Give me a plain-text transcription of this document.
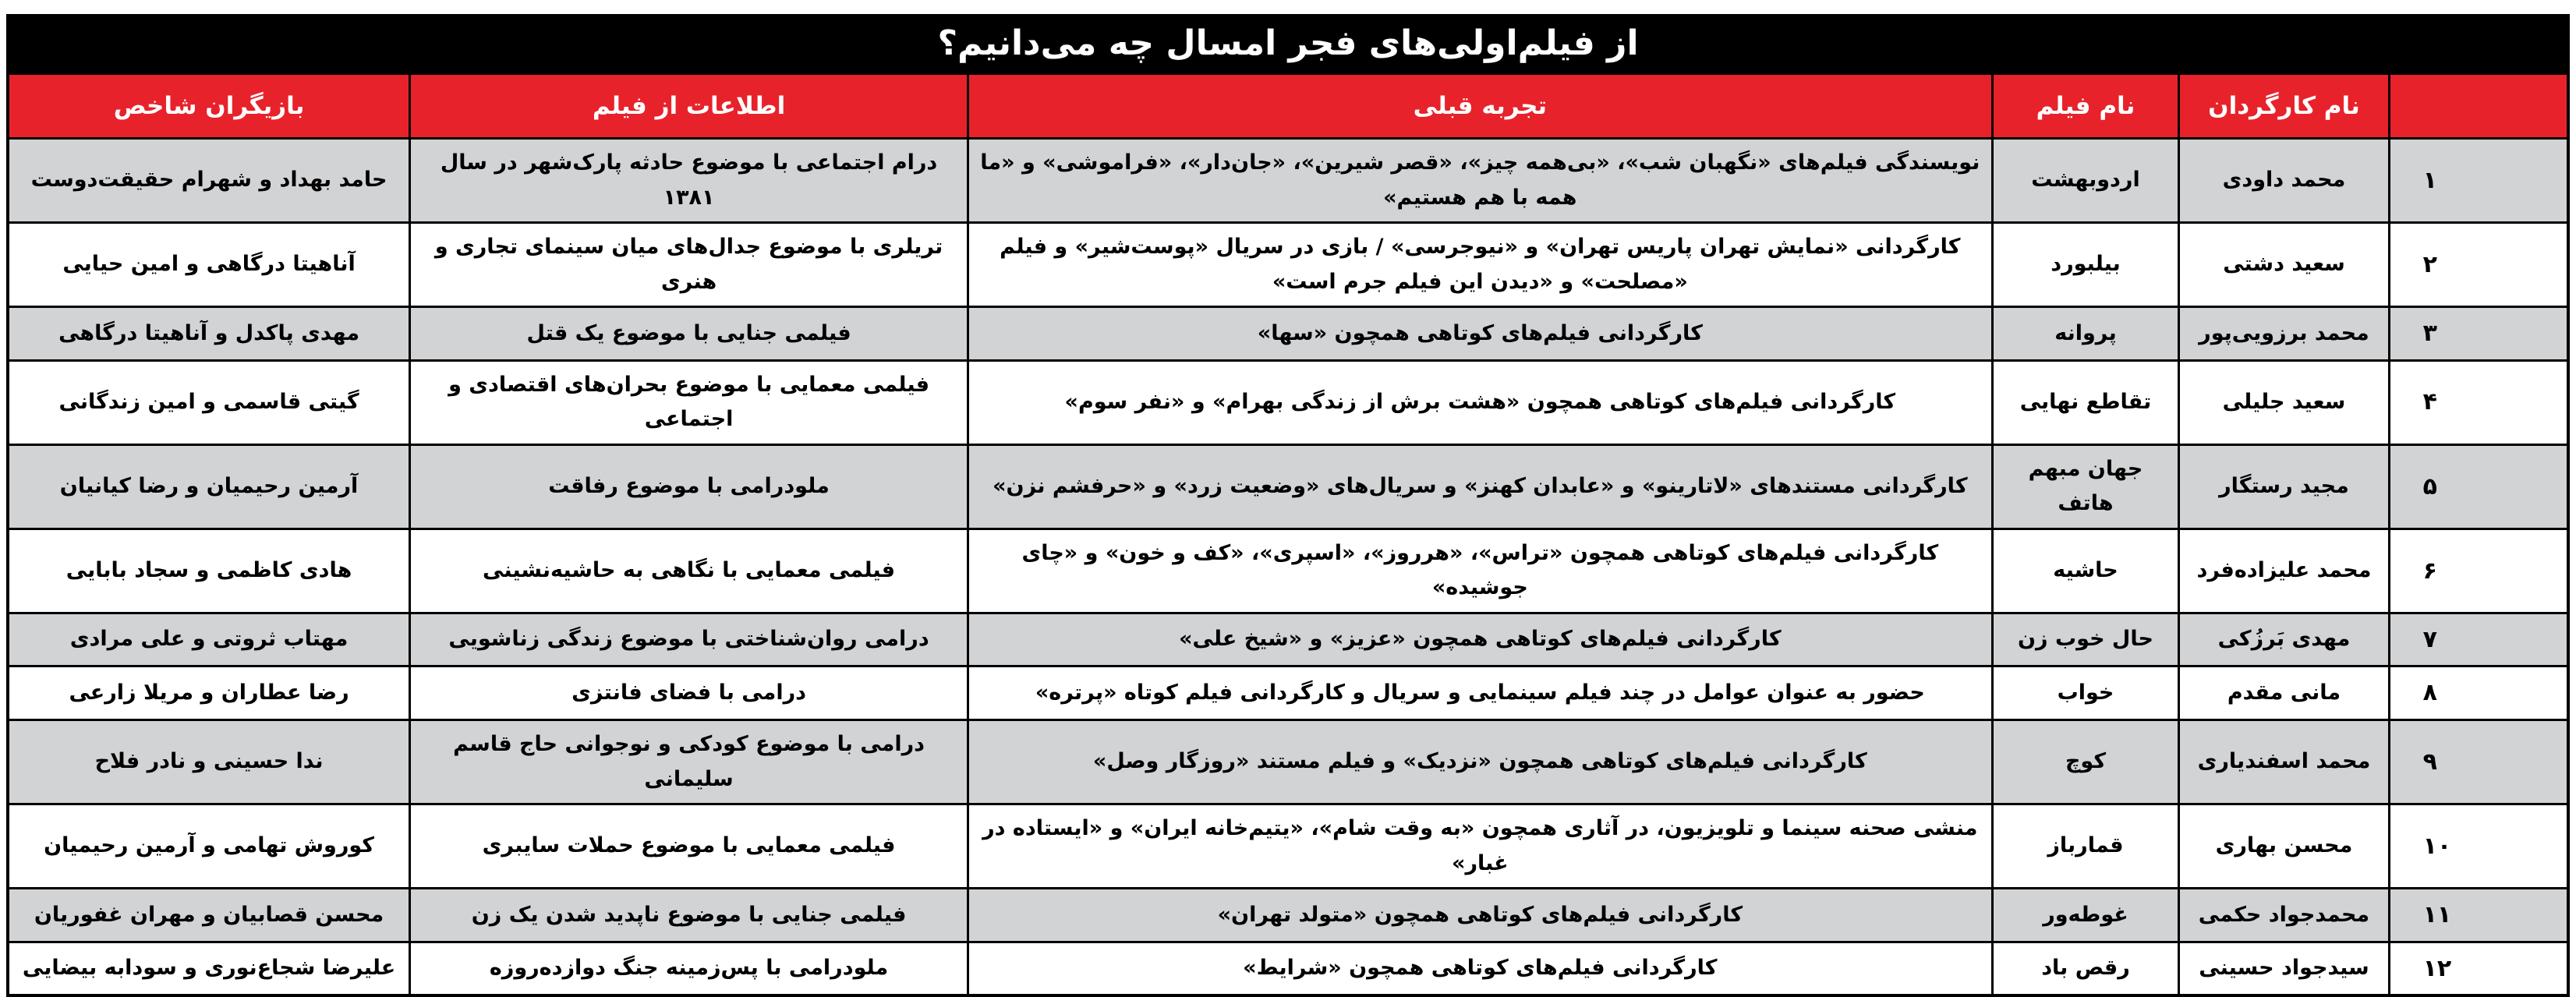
از فیلم‌اولی‌های فجر امسال چه می‌دانیم؟
	نام کارگردان	نام فیلم	تجربه قبلی	اطلاعات از فیلم	بازیگران شاخص
۱	محمد داودی	اردوبهشت	نویسندگی فیلم‌های «نگهبان شب»، «بی‌همه چیز»، «قصر شیرین»، «جان‌دار»، «فراموشی» و «ما همه با هم هستیم»	درام اجتماعی با موضوع حادثه پارک‌شهر در سال ۱۳۸۱	حامد بهداد و شهرام حقیقت‌دوست
۲	سعید دشتی	بیلبورد	کارگردانی «نمایش تهران پاریس تهران» و «نیوجرسی» / بازی در سریال «پوست‌شیر» و فیلم «مصلحت» و «دیدن این فیلم جرم است»	تریلری با موضوع جدال‌های میان سینمای تجاری و هنری	آناهیتا درگاهی و امین حیایی
۳	محمد برزویی‌پور	پروانه	کارگردانی فیلم‌های کوتاهی همچون «سها»	فیلمی جنایی با موضوع یک قتل	مهدی پاکدل و آناهیتا درگاهی
۴	سعید جلیلی	تقاطع نهایی	کارگردانی فیلم‌های کوتاهی همچون «هشت برش از زندگی بهرام» و «نفر سوم»	فیلمی معمایی با موضوع بحران‌های اقتصادی و اجتماعی	گیتی قاسمی و امین زندگانی
۵	مجید رستگار	جهان مبهم هاتف	کارگردانی مستندهای «لاتارینو» و «عابدان کهنز» و سریال‌های «وضعیت زرد» و «حرفشم نزن»	ملودرامی با موضوع رفاقت	آرمین رحیمیان و رضا کیانیان
۶	محمد علیزاده‌فرد	حاشیه	کارگردانی فیلم‌های کوتاهی همچون «تراس»، «هرروز»، «اسپری»، «کف و خون» و «چای جوشیده»	فیلمی معمایی با نگاهی به حاشیه‌نشینی	هادی کاظمی و سجاد بابایی
۷	مهدی بَرزُکی	حال خوب زن	کارگردانی فیلم‌های کوتاهی همچون «عزیز» و «شیخ علی»	درامی روان‌شناختی با موضوع زندگی زناشویی	مهتاب ثروتی و علی مرادی
۸	مانی مقدم	خواب	حضور به عنوان عوامل در چند فیلم سینمایی و سریال و کارگردانی فیلم کوتاه «پرتره»	درامی با فضای فانتزی	رضا عطاران و مریلا زارعی
۹	محمد اسفندیاری	کوچ	کارگردانی فیلم‌های کوتاهی همچون «نزدیک» و فیلم مستند «روزگار وصل»	درامی با موضوع کودکی و نوجوانی حاج قاسم سلیمانی	ندا حسینی و نادر فلاح
۱۰	محسن بهاری	قمارباز	منشی صحنه سینما و تلویزیون، در آثاری همچون «به وقت شام»، «یتیم‌خانه ایران» و «ایستاده در غبار»	فیلمی معمایی با موضوع حملات سایبری	کوروش تهامی و آرمین رحیمیان
۱۱	محمدجواد حکمی	غوطه‌ور	کارگردانی فیلم‌های کوتاهی همچون «متولد تهران»	فیلمی جنایی با موضوع ناپدید شدن یک زن	محسن قصابیان و مهران غفوریان
۱۲	سیدجواد حسینی	رقص باد	کارگردانی فیلم‌های کوتاهی همچون «شرایط»	ملودرامی با پس‌زمینه جنگ دوازده‌روزه	علیرضا شجاع‌نوری و سودابه بیضایی
